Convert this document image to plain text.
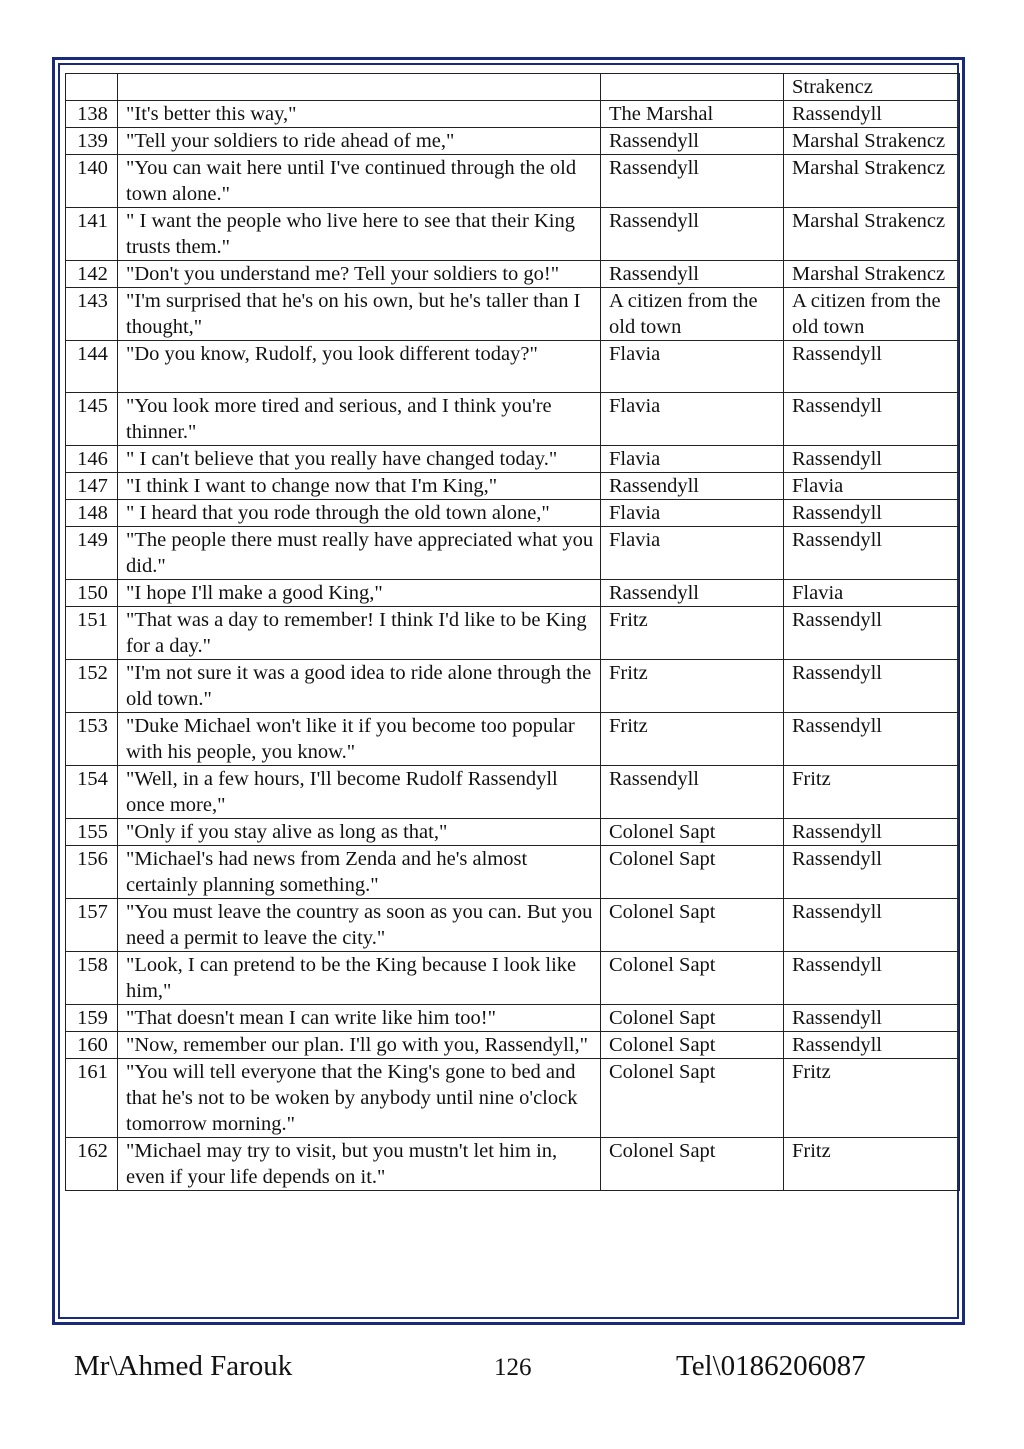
			Strakencz
138	"It's better this way,"	The Marshal	Rassendyll
139	"Tell your soldiers to ride ahead of me,"	Rassendyll	Marshal Strakencz
140	"You can wait here until I've continued through the old town alone."	Rassendyll	Marshal Strakencz
141	" I want the people who live here to see that their King trusts them."	Rassendyll	Marshal Strakencz
142	"Don't you understand me? Tell your soldiers to go!"	Rassendyll	Marshal Strakencz
143	"I'm surprised that he's on his own, but he's taller than I thought,"	A citizen from the old town	A citizen from the old town
144	"Do you know, Rudolf, you look different today?"	Flavia	Rassendyll
145	"You look more tired and serious, and I think you're thinner."	Flavia	Rassendyll
146	" I can't believe that you really have changed today."	Flavia	Rassendyll
147	"I think I want to change now that I'm King,"	Rassendyll	Flavia
148	" I heard that you rode through the old town alone,"	Flavia	Rassendyll
149	"The people there must really have appreciated what you did."	Flavia	Rassendyll
150	"I hope I'll make a good King,"	Rassendyll	Flavia
151	"That was a day to remember! I think I'd like to be King for a day."	Fritz	Rassendyll
152	"I'm not sure it was a good idea to ride alone through the old town."	Fritz	Rassendyll
153	"Duke Michael won't like it if you become too popular with his people, you know."	Fritz	Rassendyll
154	"Well, in a few hours, I'll become Rudolf Rassendyll once more,"	Rassendyll	Fritz
155	"Only if you stay alive as long as that,"	Colonel Sapt	Rassendyll
156	"Michael's had news from Zenda and he's almost certainly planning something."	Colonel Sapt	Rassendyll
157	"You must leave the country as soon as you can. But you need a permit to leave the city."	Colonel Sapt	Rassendyll
158	"Look, I can pretend to be the King because I look like him,"	Colonel Sapt	Rassendyll
159	"That doesn't mean I can write like him too!"	Colonel Sapt	Rassendyll
160	"Now, remember our plan. I'll go with you, Rassendyll,"	Colonel Sapt	Rassendyll
161	"You will tell everyone that the King's gone to bed and that he's not to be woken by anybody until nine o'clock tomorrow morning."	Colonel Sapt	Fritz
162	"Michael may try to visit, but you mustn't let him in, even if your life depends on it."	Colonel Sapt	Fritz
Mr\Ahmed Farouk	126	Tel\0186206087
